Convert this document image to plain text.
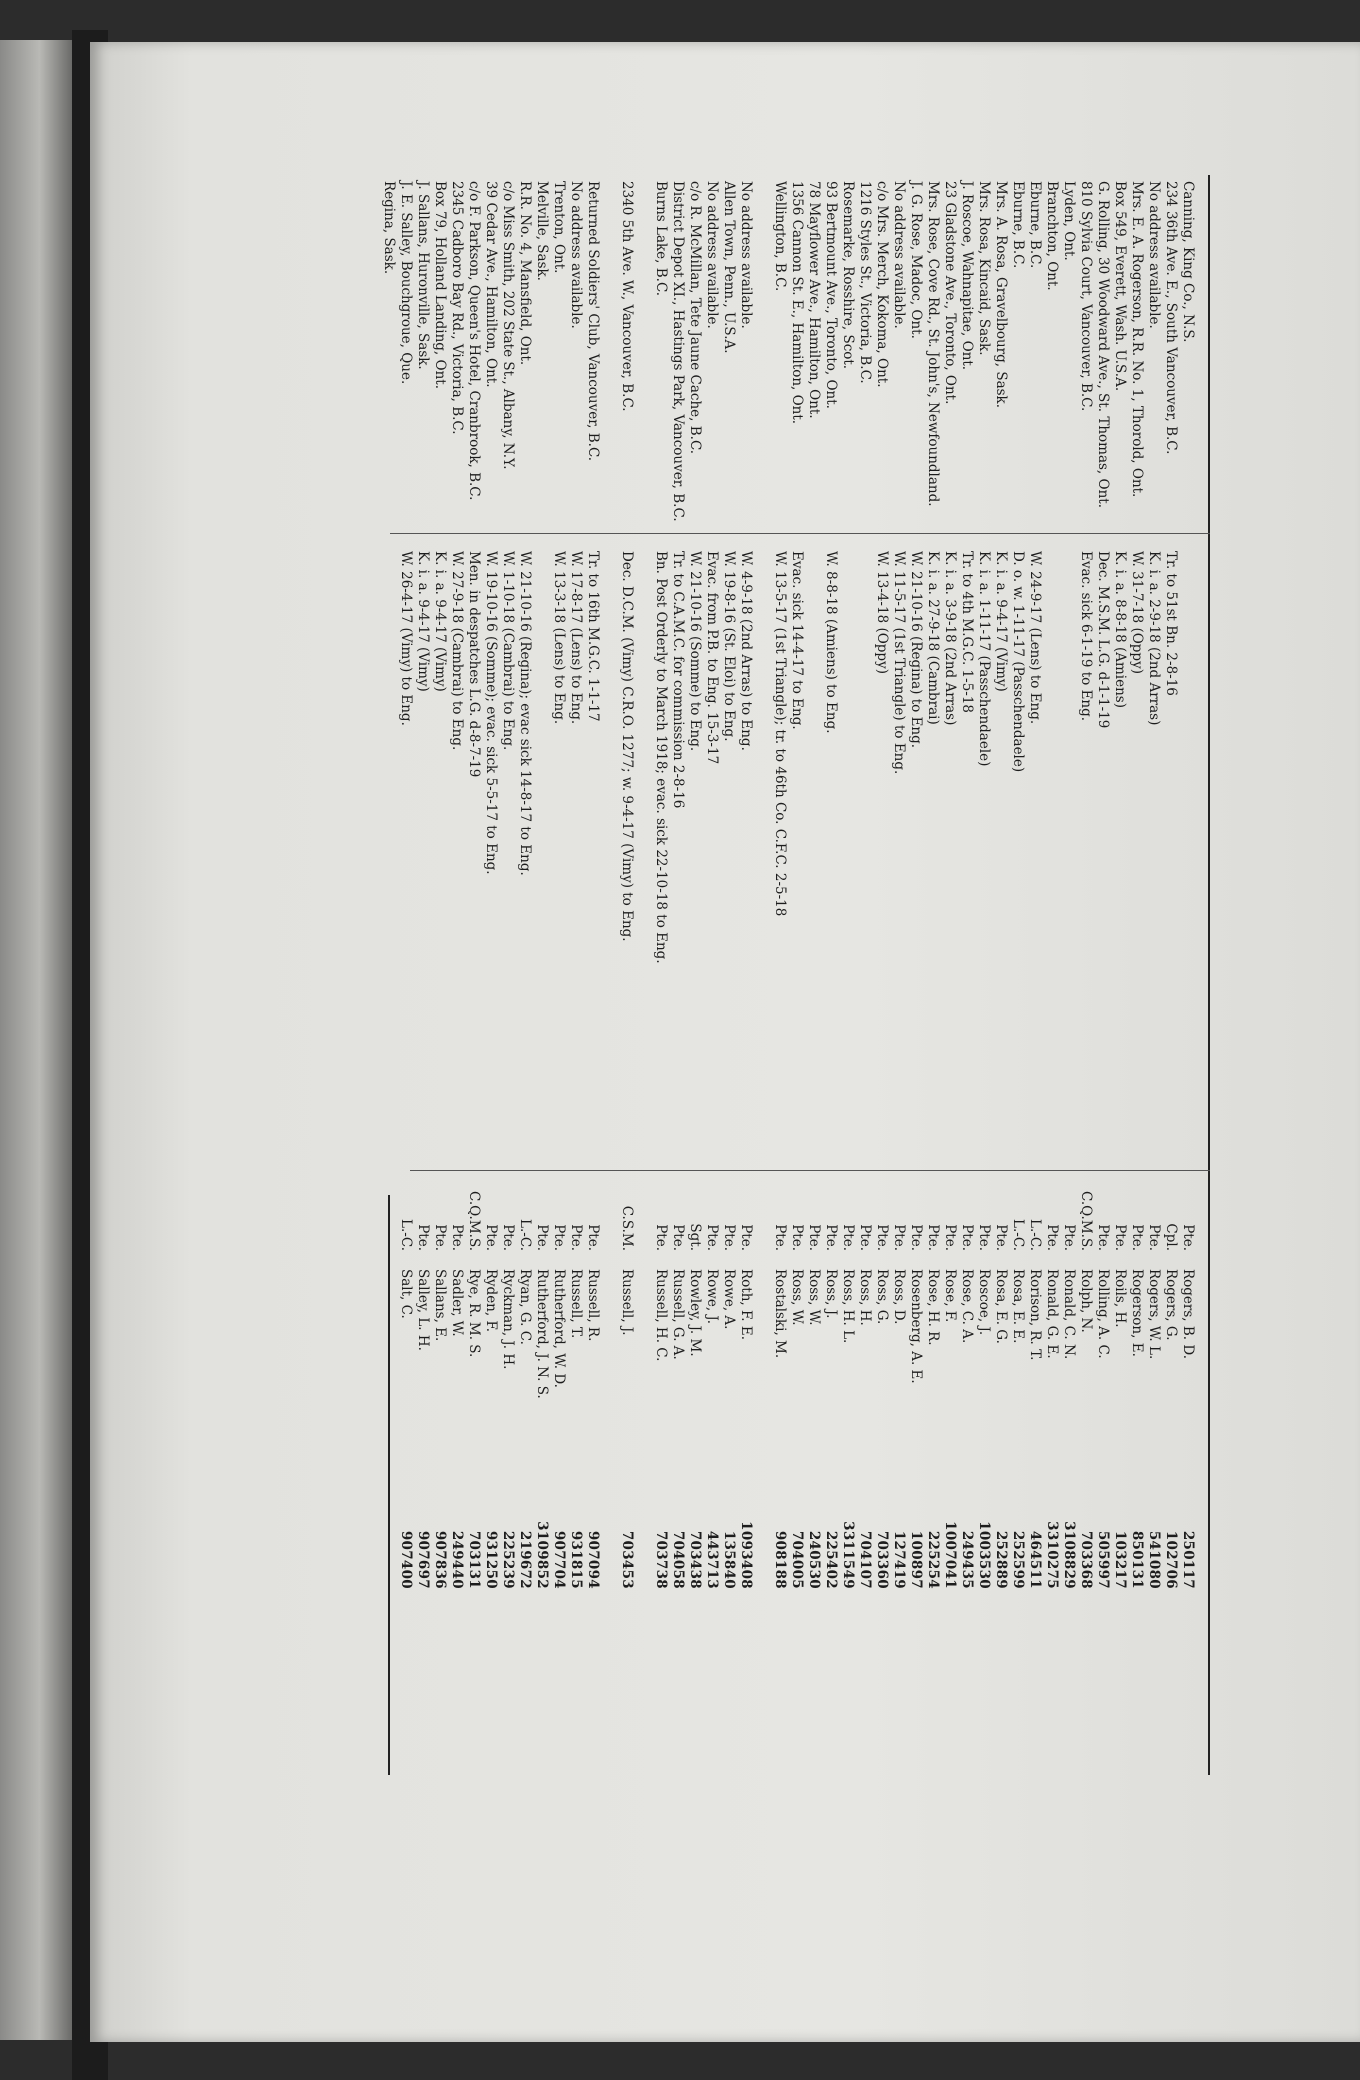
Canning, King Co., N.S.
Pte.
Rogers, B. D.
250117
234 36th Ave. E., South Vancouver, B.C.
Tr. to 51st Bn. 2-8-16
Cpl.
Rogers, G.
102706
No address available.
K. i. a. 2-9-18 (2nd Arras)
Pte.
Rogers, W. L.
541080
Mrs. E. A. Rogerson, R.R. No. 1, Thorold, Ont.
W. 31-7-18 (Oppy)
Pte.
Rogerson, E.
850131
Box 549, Everett, Wash. U.S.A.
K. i. a. 8-8-18 (Amiens)
Pte.
Roils, H.
103217
G. Rolling, 30 Woodward Ave., St. Thomas, Ont.
Dec. M.S.M. L.G. d-1-1-19
Pte.
Rolling, A. C.
505997
810 Sylvia Court, Vancouver, B.C.
Evac. sick 6-1-19 to Eng.
C.Q.M.S.
Rolph, N.
703368
Lyden, Ont.
Pte.
Ronald, C. N.
3108829
Branchton, Ont.
Pte.
Ronald, G. E.
3310275
Eburne, B.C.
W. 24-9-17 (Lens) to Eng.
L.-C.
Rorison, R. T.
464511
Eburne, B.C.
D. o. w. 1-11-17 (Passchendaele)
L.-C.
Rosa, E. E.
252599
Mrs. A. Rosa, Gravelbourg, Sask.
K. i. a. 9-4-17 (Vimy)
Pte.
Rosa, E. G.
252889
Mrs. Rosa, Kincaid, Sask.
K. i. a. 1-11-17 (Passchendaele)
Pte.
Roscoe, J.
1003530
J. Roscoe, Wahnapitae, Ont.
Tr. to 4th M.G.C. 1-5-18
Pte.
Rose, C. A.
249435
23 Gladstone Ave., Toronto, Ont.
K. i. a. 3-9-18 (2nd Arras)
Pte.
Rose, F.
1007041
Mrs. Rose, Cove Rd., St. John's, Newfoundland.
K. i. a. 27-9-18 (Cambrai)
Pte.
Rose, H. R.
225254
J. G. Rose, Madoc, Ont.
W. 21-10-16 (Regina) to Eng.
Pte.
Rosenberg, A. E.
100897
No address available.
W. 11-5-17 (1st Triangle) to Eng.
Pte.
Ross, D.
127419
c/o Mrs. Merch, Kokoma, Ont.
W. 13-4-18 (Oppy)
Pte.
Ross, G.
703360
1216 Styles St., Victoria, B.C.
Pte.
Ross, H.
704107
Rosemarke, Rosshire, Scot.
Pte.
Ross, H. L.
3311549
93 Bertmount Ave., Toronto, Ont.
W. 8-8-18 (Amiens) to Eng.
Pte.
Ross, J.
225402
78 Mayflower Ave., Hamilton, Ont.
Pte.
Ross, W.
240530
1356 Cannon St. E., Hamilton, Ont.
Evac. sick 14-4-17 to Eng.
Pte.
Ross, W.
704005
Wellington, B.C.
W. 13-5-17 (1st Triangle); tr. to 46th Co. C.F.C. 2-5-18
Pte.
Rostalski, M.
908188
No address available.
W. 4-9-18 (2nd Arras) to Eng.
Pte.
Roth, F. E.
1093408
Allen Town, Penn., U.S.A.
W. 19-8-16 (St. Eloi) to Eng.
Pte.
Rowe, A.
135840
No address available.
Evac. from P.B. to Eng. 15-3-17
Pte.
Rowe, J.
443713
c/o R. McMillan, Tete Jaune Cache, B.C.
W. 21-10-16 (Somme) to Eng.
Sgt.
Rowley, J. M.
703438
District Depot XI., Hastings Park, Vancouver, B.C.
Tr. to C.A.M.C. for commission 2-8-16
Pte.
Russell, G. A.
704058
Burns Lake, B.C.
Bn. Post Orderly to March 1918; evac. sick 22-10-18 to Eng.
Pte.
Russell, H. C.
703738
2340 5th Ave. W., Vancouver, B.C.
Dec. D.C.M. (Vimy) C.R.O. 1277; w. 9-4-17 (Vimy) to Eng.
C.S.M.
Russell, J.
703453
Returned Soldiers' Club, Vancouver, B.C.
Tr. to 16th M.G.C. 1-1-17
Pte.
Russell, R.
907094
No address available.
W. 17-8-17 (Lens) to Eng.
Pte.
Russell, T.
931815
Trenton, Ont.
W. 13-3-18 (Lens) to Eng.
Pte.
Rutherford, W. D.
907704
Melville, Sask.
Pte.
Rutherford, J. N. S.
3109852
R.R. No. 4, Mansfield, Ont.
W. 21-10-16 (Regina); evac sick 14-8-17 to Eng.
L.-C.
Ryan, G. C.
219672
c/o Miss Smith, 202 State St., Albany, N.Y.
W. 1-10-18 (Cambrai) to Eng.
Pte.
Ryckman, J. H.
225239
39 Cedar Ave., Hamilton, Ont.
W. 19-10-16 (Somme); evac. sick 5-5-17 to Eng.
Pte.
Ryden, F.
931250
c/o F. Parkson, Queen's Hotel, Cranbrook, B.C.
Men. in despatches L.G. d-8-7-19
C.Q.M.S.
Rye, R. M. S.
703131
2345 Cadboro Bay Rd., Victoria, B.C.
W. 27-9-18 (Cambrai) to Eng.
Pte.
Sadler, W.
249440
Box 79, Holland Landing, Ont.
K. i. a. 9-4-17 (Vimy)
Pte.
Sallans, E.
907836
J. Sallans, Huronville, Sask.
K. i. a. 9-4-17 (Vimy)
Pte.
Salley, L. H.
907697
J. E. Salley, Bouchgroue, Que.
W. 26-4-17 (Vimy) to Eng.
L.-C.
Salt, C.
907400
Regina, Sask.
